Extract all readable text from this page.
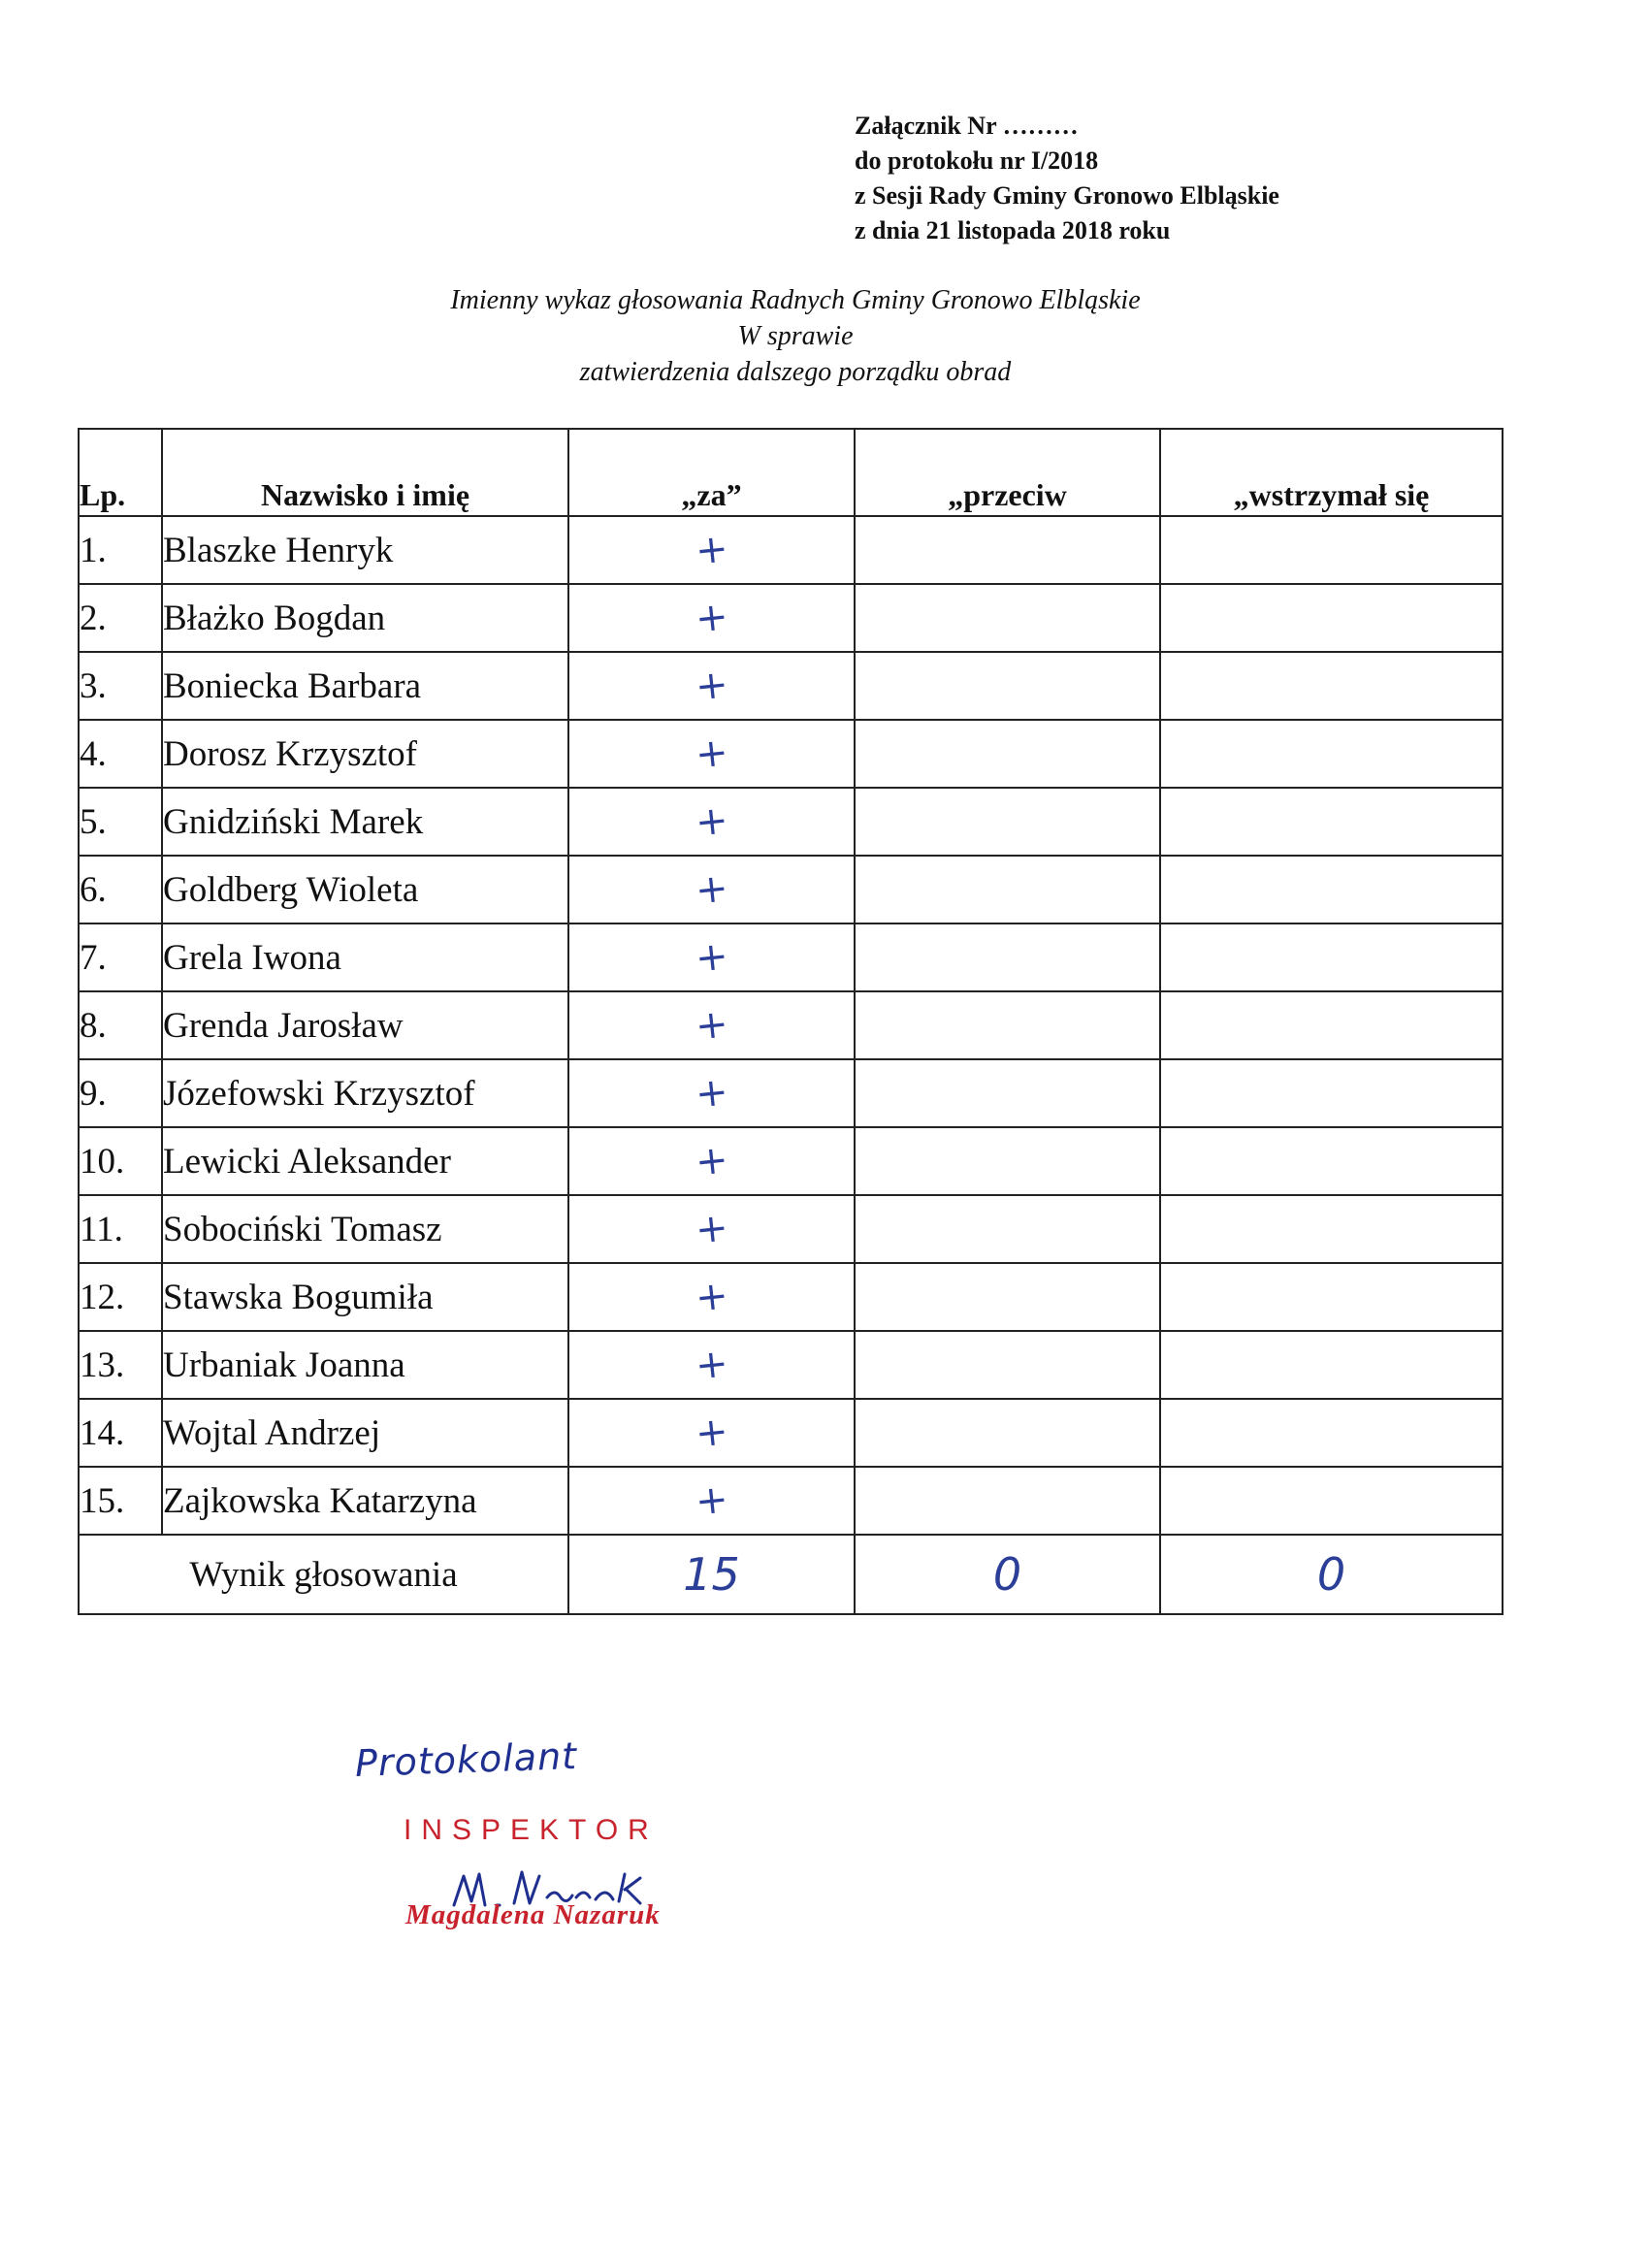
Załącznik Nr ………
do protokołu nr I/2018
z Sesji Rady Gminy Gronowo Elbląskie
z dnia 21 listopada 2018 roku
Imienny wykaz głosowania Radnych Gminy Gronowo Elbląskie
W sprawie
zatwierdzenia dalszego porządku obrad
Lp.	Nazwisko i imię	„za”	„przeciw	„wstrzymał się
1.	Blaszke Henryk	+		
2.	Błażko Bogdan	+		
3.	Boniecka Barbara	+		
4.	Dorosz Krzysztof	+		
5.	Gnidziński Marek	+		
6.	Goldberg Wioleta	+		
7.	Grela Iwona	+		
8.	Grenda Jarosław	+		
9.	Józefowski Krzysztof	+		
10.	Lewicki Aleksander	+		
11.	Sobociński Tomasz	+		
12.	Stawska Bogumiła	+		
13.	Urbaniak Joanna	+		
14.	Wojtal Andrzej	+		
15.	Zajkowska Katarzyna	+		
Wynik głosowania		15	0	0
Protokolant
INSPEKTOR
Magdalena Nazaruk
